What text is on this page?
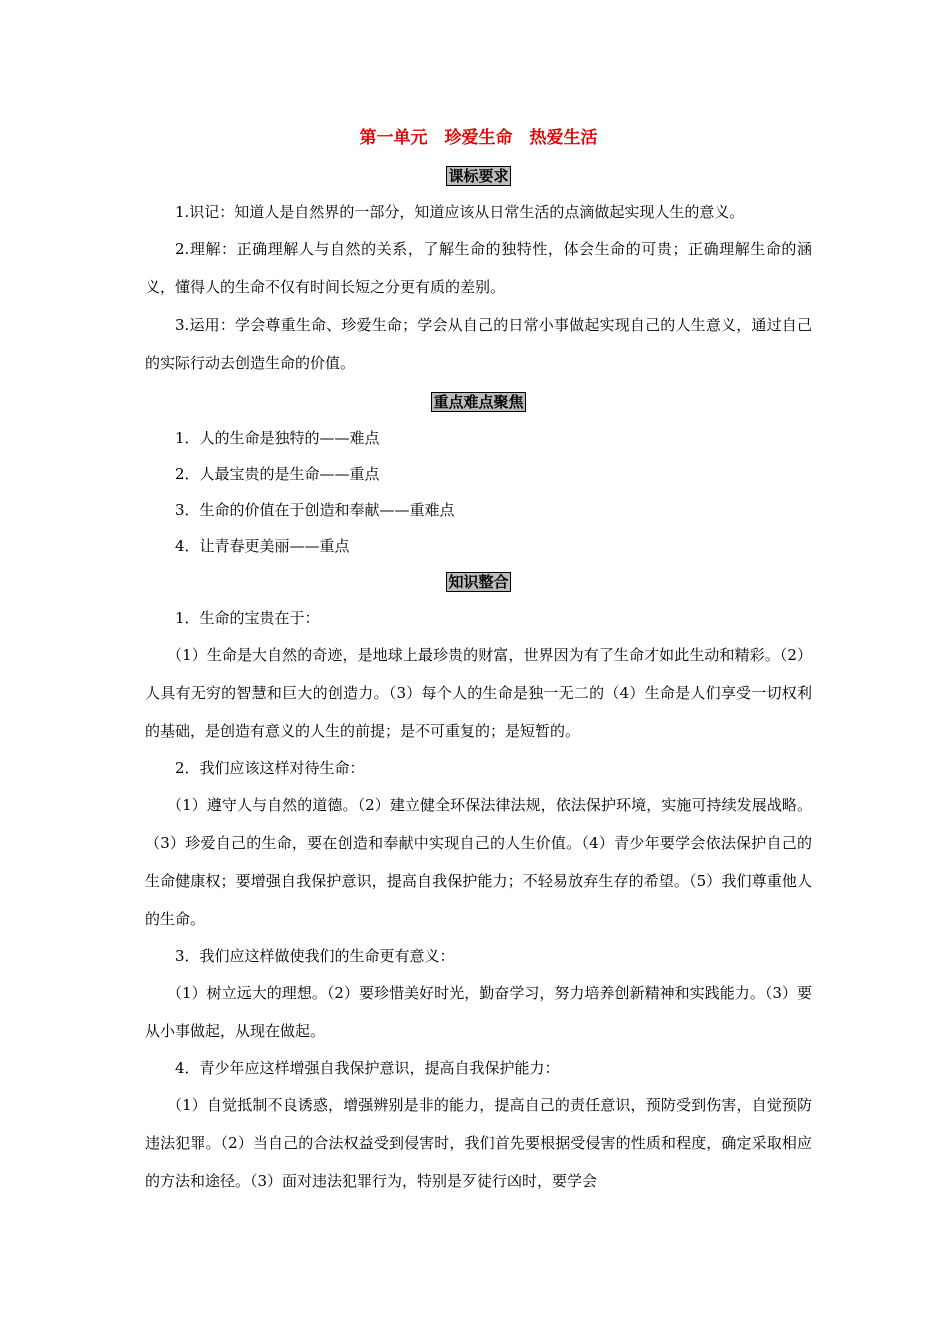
第一单元　珍爱生命　热爱生活
课标要求
1.识记：知道人是自然界的一部分，知道应该从日常生活的点滴做起实现人生的意义。
2.理解：正确理解人与自然的关系，了解生命的独特性，体会生命的可贵；正确理解生命的涵义，懂得人的生命不仅有时间长短之分更有质的差别。
3.运用：学会尊重生命、珍爱生命；学会从自己的日常小事做起实现自己的人生意义，通过自己的实际行动去创造生命的价值。
重点难点聚焦
1．人的生命是独特的——难点
2．人最宝贵的是生命——重点
3．生命的价值在于创造和奉献——重难点
4．让青春更美丽——重点
知识整合
1．生命的宝贵在于：
（1）生命是大自然的奇迹，是地球上最珍贵的财富，世界因为有了生命才如此生动和精彩。（2）人具有无穷的智慧和巨大的创造力。（3）每个人的生命是独一无二的（4）生命是人们享受一切权利的基础，是创造有意义的人生的前提；是不可重复的；是短暂的。
2．我们应该这样对待生命：
（1）遵守人与自然的道德。（2）建立健全环保法律法规，依法保护环境，实施可持续发展战略。（3）珍爱自己的生命，要在创造和奉献中实现自己的人生价值。（4）青少年要学会依法保护自己的生命健康权；要增强自我保护意识，提高自我保护能力；不轻易放弃生存的希望。（5）我们尊重他人的生命。
3．我们应这样做使我们的生命更有意义：
（1）树立远大的理想。（2）要珍惜美好时光，勤奋学习，努力培养创新精神和实践能力。（3）要从小事做起，从现在做起。
4．青少年应这样增强自我保护意识，提高自我保护能力：
（1）自觉抵制不良诱惑，增强辨别是非的能力，提高自己的责任意识，预防受到伤害，自觉预防违法犯罪。（2）当自己的合法权益受到侵害时，我们首先要根据受侵害的性质和程度，确定采取相应的方法和途径。（3）面对违法犯罪行为，特别是歹徒行凶时，要学会
